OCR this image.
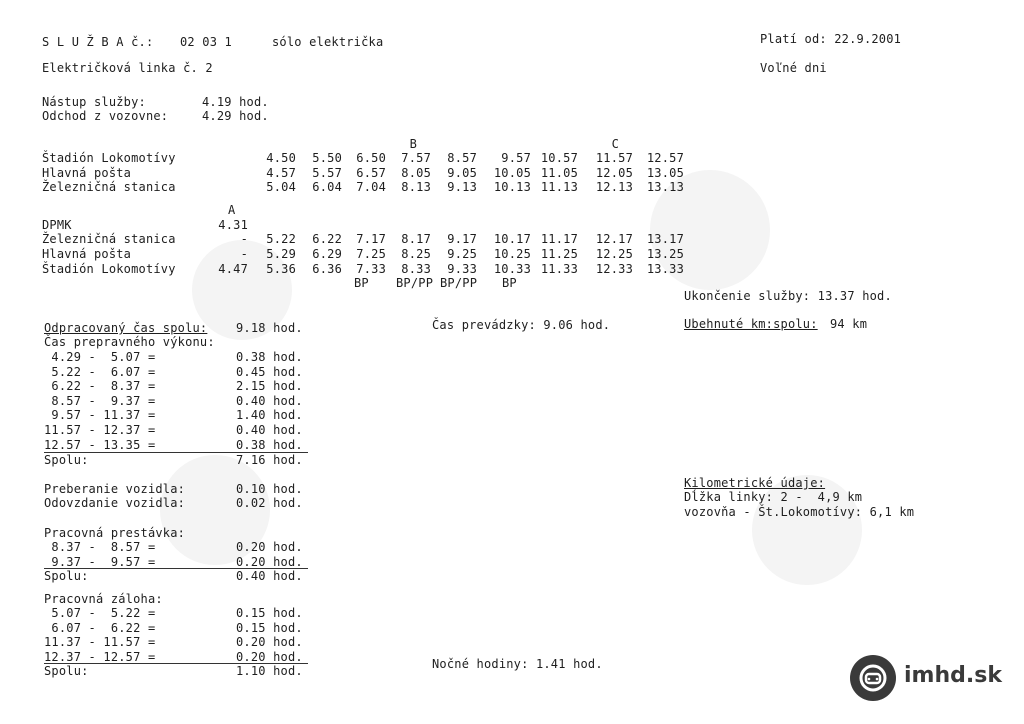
S L U Ž B A č.: 02 03 1	sólo električka	Platí od: 22.9.2001
Električková linka č. 2	Voľné dni
Nástup služby:	4.19 hod.
Odchod z vozovne:	4.29 hod.
B	C
Štadión Lokomotívy	4.50 5.50 6.50 7.57 8.57 9.57 10.57 11.57 12.57
Hlavná pošta	4.57 5.57 6.57 8.05 9.05 10.05 11.05 12.05 13.05
Železničná stanica	5.04 6.04 7.04 8.13 9.13 10.13 11.13 12.13 13.13
A
DPMK	4.31
Železničná stanica	- 5.22 6.22 7.17 8.17 9.17 10.17 11.17 12.17 13.17
Hlavná pošta	- 5.29 6.29 7.25 8.25 9.25 10.25 11.25 12.25 13.25
Štadión Lokomotívy	4.47 5.36 6.36 7.33 8.33 9.33 10.33 11.33 12.33 13.33
BP BP/PP BP/PP BP
Ukončenie služby: 13.37 hod.
Ubehnuté km:spolu: 94 km
Čas prevádzky: 9.06 hod.
Nočné hodiny: 1.41 hod.
Odpracovaný čas spolu: 9.18 hod.
Čas prepravného výkonu:
4.29 -  5.07 =	0.38 hod.
5.22 -  6.07 =	0.45 hod.
6.22 -  8.37 =	2.15 hod.
8.57 -  9.37 =	0.40 hod.
9.57 - 11.37 =	1.40 hod.
11.57 - 12.37 =	0.40 hod.
12.57 - 13.35 =	0.38 hod.
Spolu:	7.16 hod.
Preberanie vozidla:	0.10 hod.
Odovzdanie vozidla:	0.02 hod.
Pracovná prestávka:
8.37 -  8.57 =	0.20 hod.
9.37 -  9.57 =	0.20 hod.
Spolu:	0.40 hod.
Pracovná záloha:
5.07 -  5.22 =	0.15 hod.
6.07 -  6.22 =	0.15 hod.
11.37 - 11.57 =	0.20 hod.
12.37 - 12.57 =	0.20 hod.
Spolu:	1.10 hod.
Kilometrické údaje:
Dĺžka linky: 2 -  4,9 km
vozovňa - Št.Lokomotívy: 6,1 km
imhd.sk
